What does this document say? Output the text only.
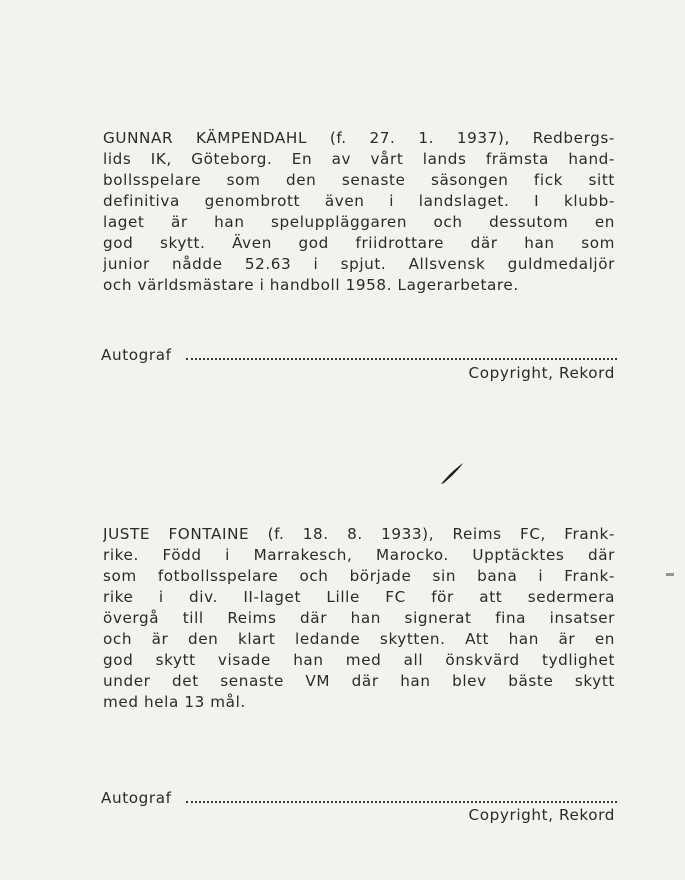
GUNNAR KÄMPENDAHL (f. 27. 1. 1937), Redbergs-
lids IK, Göteborg. En av vårt lands främsta hand-
bollsspelare som den senaste säsongen fick sitt
definitiva genombrott även i landslaget. I klubb-
laget är han speluppläggaren och dessutom en
god skytt. Även god friidrottare där han som
junior nådde 52.63 i spjut. Allsvensk guldmedaljör
och världsmästare i handboll 1958. Lagerarbetare.
Autograf
Copyright, Rekord
JUSTE FONTAINE (f. 18. 8. 1933), Reims FC, Frank-
rike. Född i Marrakesch, Marocko. Upptäcktes där
som fotbollsspelare och började sin bana i Frank-
rike i div. II-laget Lille FC för att sedermera
övergå till Reims där han signerat fina insatser
och är den klart ledande skytten. Att han är en
god skytt visade han med all önskvärd tydlighet
under det senaste VM där han blev bäste skytt
med hela 13 mål.
Autograf
Copyright, Rekord
